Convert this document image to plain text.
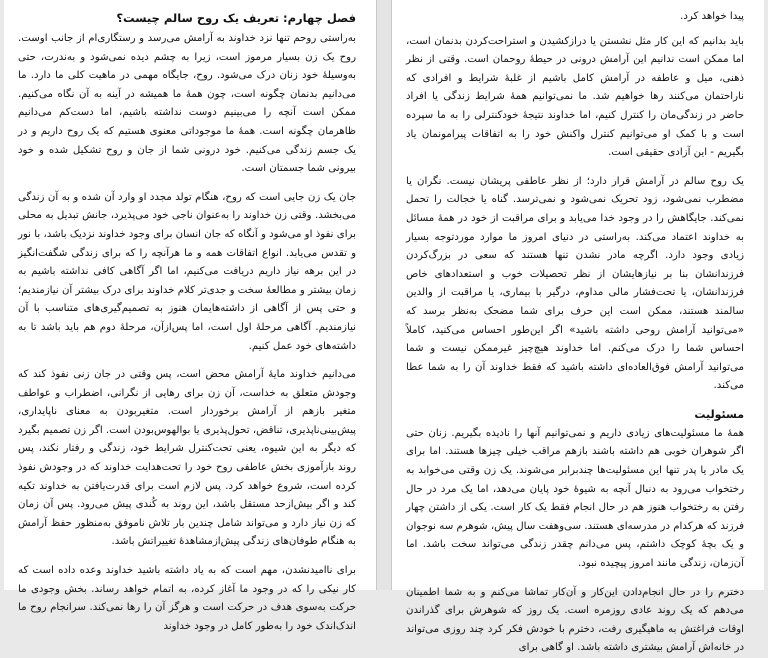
فصل چهارم: تعریف یک روح سالم چیست؟

به‌راستی روحم تنها نزد خداوند به آرامش می‌رسد و رستگاری‌ام از جانب اوست. روح یک زن بسیار مرموز است، زیرا به چشم دیده نمی‌شود و به‌ندرت، حتی به‌وسیلهٔ خود زنان درک می‌شود. روح، جایگاه مهمی در ماهیت کلی ما دارد. ما می‌دانیم بدنمان چگونه است، چون همهٔ ما همیشه در آینه به آن نگاه می‌کنیم. ممکن است آنچه را می‌بینیم دوست نداشته باشیم، اما دست‌کم می‌دانیم ظاهرمان چگونه است. همهٔ ما موجوداتی معنوی هستیم که یک روح داریم و در یک جسم زندگی می‌کنیم. خود درونی شما از جان و روح تشکیل شده و خود بیرونی شما جسمتان است.

جان یک زن جایی است که روح، هنگام تولد مجدد او وارد آن شده و به آن زندگی می‌بخشد. وقتی زن خداوند را به‌عنوان ناجی خود می‌پذیرد، جانش تبدیل به محلی برای نفوذ او می‌شود و آنگاه که جان انسان برای وجود خداوند نزدیک باشد، با نور و تقدس می‌یابد. انواع اتفاقات همه و ما هرآنچه را که برای زندگی شگفت‌انگیز در این برهه نیاز داریم دریافت می‌کنیم، اما اگر آگاهی کافی نداشته باشیم به زمان بیشتر و مطالعهٔ سخت و جدی‌تر کلام خداوند برای درک بیشتر آن نیازمندیم؛ و حتی پس از آگاهی از داشته‌هایمان هنوز به تصمیم‌گیری‌های متناسب با آن نیازمندیم. آگاهی مرحلهٔ اول است، اما پس‌ازآن، مرحلهٔ دوم هم باید باشد تا به داشته‌های خود عمل کنیم.

می‌دانیم خداوند مایهٔ آرامش محض است، پس وقتی در جان زنی نفوذ کند که وجودش متعلق به خداست، آن زن برای رهایی از نگرانی، اضطراب و عواطف متغیر بازهم از آرامش برخوردار است. متغیربودن به معنای ناپایداری، پیش‌بینی‌ناپذیری، تناقض، تحول‌پذیری یا بوالهوس‌بودن است. اگر زن تصمیم بگیرد که دیگر به این شیوه، یعنی تحت‌کنترل شرایط خود، زندگی و رفتار نکند، پس روند بازآموزی بخش عاطفی روح خود را تحت‌هدایت خداوند که در وجودش نفوذ کرده است، شروع خواهد کرد. پس لازم است برای قدرت‌یافتن به خداوند تکیه کند و اگر بیش‌ازحد مستقل باشد، این روند به کُندی پیش می‌رود. پس آن زمان که زن نیاز دارد و می‌تواند شامل چندین بار تلاش ناموفق به‌منظور حفظ آرامش به هنگام طوفان‌های زندگی پیش‌ازمشاهدهٔ تغییراتش باشد.

برای ناامیدنشدن، مهم است که به یاد داشته باشید خداوند وعده داده است که کار نیکی را که در وجود ما آغاز کرده، به اتمام خواهد رساند. بخش وجودی ما حرکت به‌سوی هدف در حرکت است و هرگز آن را رها نمی‌کند. سرانجام روح ما اندک‌اندک خود را به‌طور کامل در وجود خداوند

پیدا خواهد کرد.

باید بدانیم که این کار مثل نشستن یا درازکشیدن و استراحت‌کردن بدنمان است، اما ممکن است ندانیم این آرامش درونی در حیطهٔ روحمان است. وقتی از نظر ذهنی، میل و عاطفه در آرامش کامل باشیم از غلبهٔ شرایط و افرادی که ناراحتمان می‌کنند رها خواهیم شد. ما نمی‌توانیم همهٔ شرایط زندگی یا افراد حاضر در زندگی‌مان را کنترل کنیم، اما خداوند نتیجهٔ خودکنترلی را به ما سپرده است و با کمک او می‌توانیم کنترل واکنش خود را به اتفاقات پیرامونمان یاد بگیریم - این آزادی حقیقی است.

یک روح سالم در آرامش قرار دارد؛ از نظر عاطفی پریشان نیست. نگران یا مضطرب نمی‌شود، زود تحریک نمی‌شود و نمی‌ترسد. گناه یا خجالت را تحمل نمی‌کند. جایگاهش را در وجود خدا می‌یابد و برای مراقبت از خود در همهٔ مسائل به خداوند اعتماد می‌کند. به‌راستی در دنیای امروز ما موارد موردتوجه بسیار زیادی وجود دارد. اگرچه مادر نشدن تنها هستند که سعی در بزرگ‌کردن فرزندانشان بنا بر نیازهایشان از نظر تحصیلات خوب و استعدادهای خاص فرزندانشان، یا تحت‌فشار مالی مداوم، درگیر با بیماری، یا مراقبت از والدین سالمند هستند، ممکن است این حرف برای شما مضحک به‌نظر برسد که «می‌توانید آرامش روحی داشته باشید» اگر این‌طور احساس می‌کنید، کاملاً احساس شما را درک می‌کنم. اما خداوند هیچ‌چیز غیرممکن نیست و شما می‌توانید آرامش فوق‌العاده‌ای داشته باشید که فقط خداوند آن را به شما عطا می‌کند.

مسئولیت

همهٔ ما مسئولیت‌های زیادی داریم و نمی‌توانیم آنها را نادیده بگیریم. زنان حتی اگر شوهران خوبی هم داشته باشند بازهم مراقب خیلی چیزها هستند. اما برای یک مادر یا پدر تنها این مسئولیت‌ها چندبرابر می‌شوند. یک زن وقتی می‌خوابد به رختخواب می‌رود به دنبال آنچه به شیوهٔ خود پایان می‌دهد، اما یک مرد در حال رفتن به رختخواب هنوز هم در حال انجام فقط یک کار است. یکی از داشتن چهار فرزند که هرکدام در مدرسه‌ای هستند. سی‌وهفت سال پیش، شوهرم سه نوجوان و یک بچهٔ کوچک داشتم، پس می‌دانم چقدر زندگی می‌تواند سخت باشد. اما آن‌زمان، زندگی مانند امروز پیچیده نبود.

دخترم را در حال انجام‌دادن این‌کار و آن‌کار تماشا می‌کنم و به شما اطمینان می‌دهم که یک روند عادی روزمره است. یک روز که شوهرش برای گذراندن اوقات فراغتش به ماهیگیری رفت، دخترم با خودش فکر کرد چند روزی می‌تواند در خانه‌اش آرامش بیشتری داشته باشد. او گاهی برای
